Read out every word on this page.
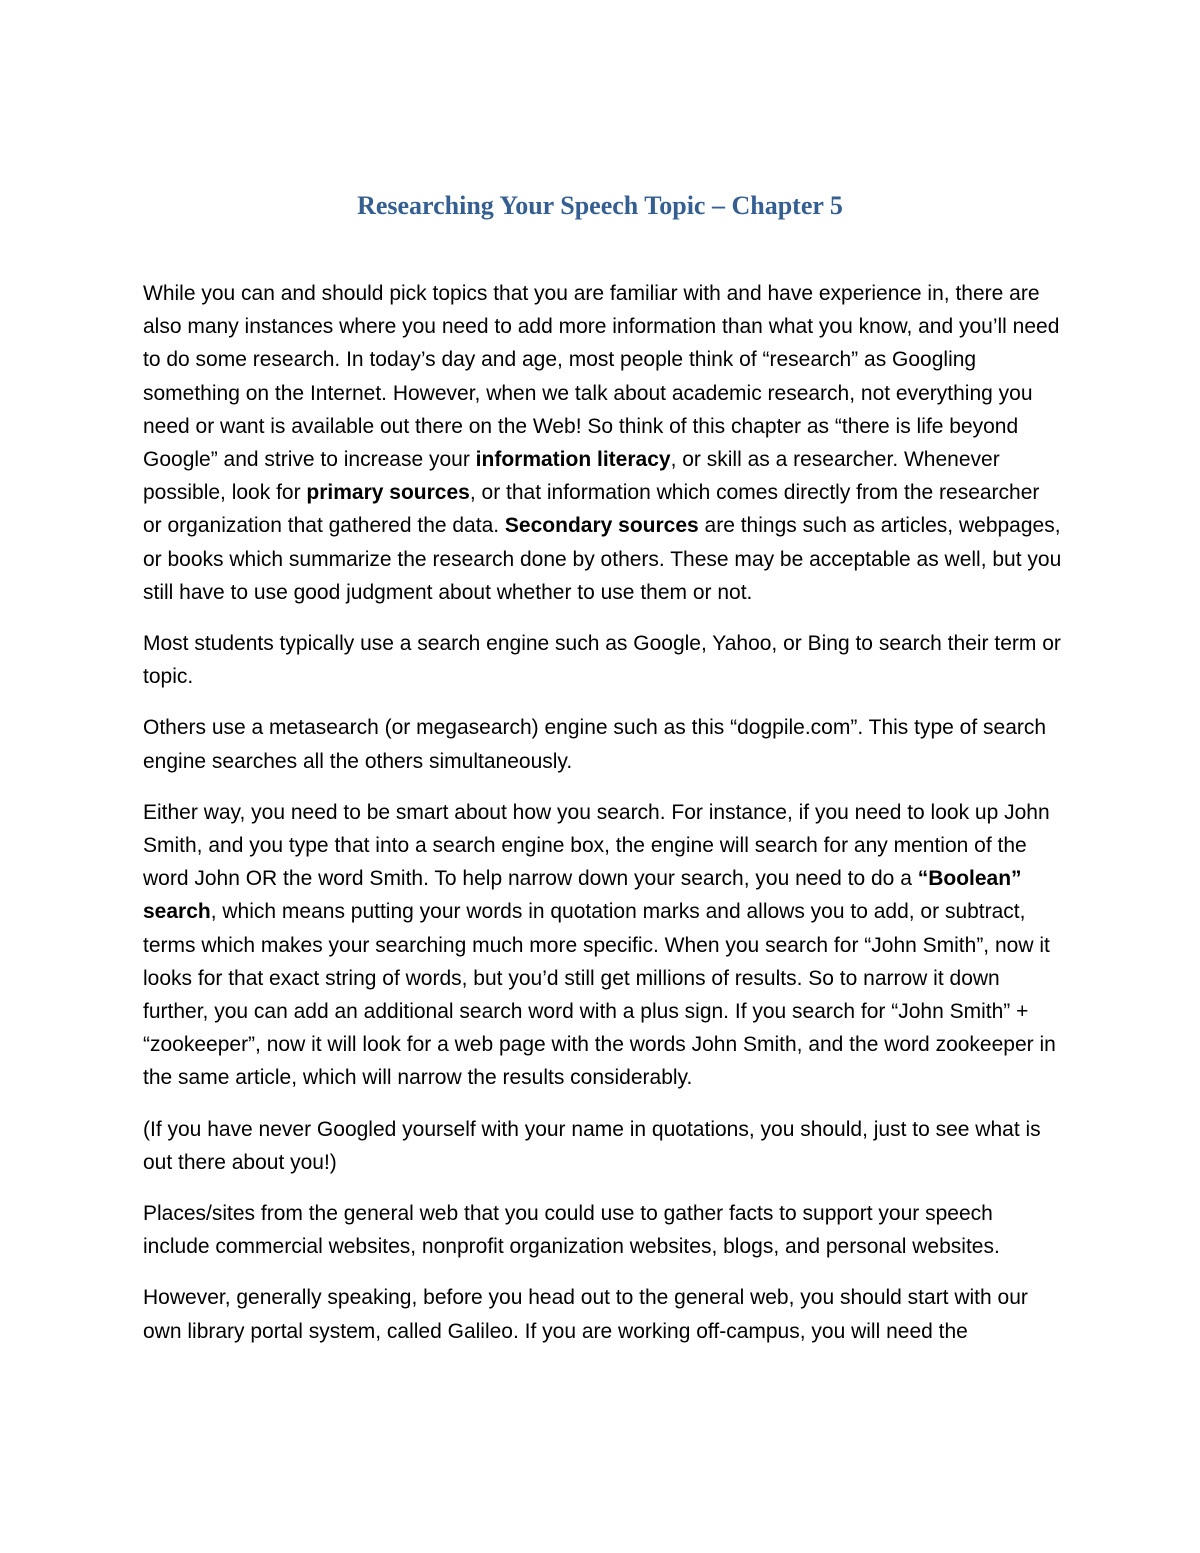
Researching Your Speech Topic – Chapter 5

While you can and should pick topics that you are familiar with and have experience in, there are also many instances where you need to add more information than what you know, and you’ll need to do some research. In today’s day and age, most people think of “research” as Googling something on the Internet. However, when we talk about academic research, not everything you need or want is available out there on the Web! So think of this chapter as “there is life beyond Google” and strive to increase your information literacy, or skill as a researcher. Whenever possible, look for primary sources, or that information which comes directly from the researcher or organization that gathered the data. Secondary sources are things such as articles, webpages, or books which summarize the research done by others. These may be acceptable as well, but you still have to use good judgment about whether to use them or not.

Most students typically use a search engine such as Google, Yahoo, or Bing to search their term or topic.

Others use a metasearch (or megasearch) engine such as this “dogpile.com”. This type of search engine searches all the others simultaneously.

Either way, you need to be smart about how you search. For instance, if you need to look up John Smith, and you type that into a search engine box, the engine will search for any mention of the word John OR the word Smith. To help narrow down your search, you need to do a “Boolean” search, which means putting your words in quotation marks and allows you to add, or subtract, terms which makes your searching much more specific. When you search for “John Smith”, now it looks for that exact string of words, but you’d still get millions of results. So to narrow it down further, you can add an additional search word with a plus sign. If you search for “John Smith” + “zookeeper”, now it will look for a web page with the words John Smith, and the word zookeeper in the same article, which will narrow the results considerably.

(If you have never Googled yourself with your name in quotations, you should, just to see what is out there about you!)

Places/sites from the general web that you could use to gather facts to support your speech include commercial websites, nonprofit organization websites, blogs, and personal websites.

However, generally speaking, before you head out to the general web, you should start with our own library portal system, called Galileo. If you are working off-campus, you will need the
